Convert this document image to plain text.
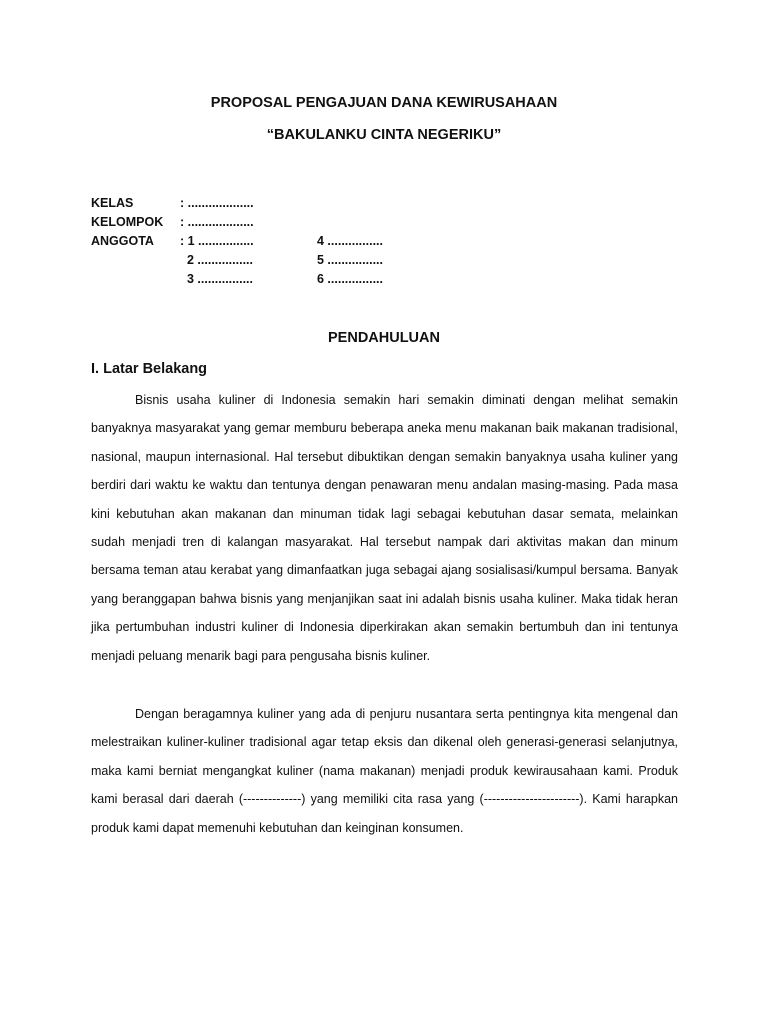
PROPOSAL PENGAJUAN DANA KEWIRUSAHAAN
“BAKULANKU CINTA NEGERIKU”
KELAS	: ...................
KELOMPOK : ...................
ANGGOTA : 1 ................
2 ................
3 ................
4 ................
5 ................
6 ................
PENDAHULUAN
I. Latar Belakang

Bisnis usaha kuliner di Indonesia semakin hari semakin diminati dengan melihat semakin banyaknya masyarakat yang gemar memburu beberapa aneka menu makanan baik makanan tradisional, nasional, maupun internasional. Hal tersebut dibuktikan dengan semakin banyaknya usaha kuliner yang berdiri dari waktu ke waktu dan tentunya dengan penawaran menu andalan masing-masing. Pada masa kini kebutuhan akan makanan dan minuman tidak lagi sebagai kebutuhan dasar semata, melainkan sudah menjadi tren di kalangan masyarakat. Hal tersebut nampak dari aktivitas makan dan minum bersama teman atau kerabat yang dimanfaatkan juga sebagai ajang sosialisasi/kumpul bersama. Banyak yang beranggapan bahwa bisnis yang menjanjikan saat ini adalah bisnis usaha kuliner. Maka tidak heran jika pertumbuhan industri kuliner di Indonesia diperkirakan akan semakin bertumbuh dan ini tentunya menjadi peluang menarik bagi para pengusaha bisnis kuliner.

Dengan beragamnya kuliner yang ada di penjuru nusantara serta pentingnya kita mengenal dan melestraikan kuliner-kuliner tradisional agar tetap eksis dan dikenal oleh generasi-generasi selanjutnya, maka kami berniat mengangkat kuliner (nama makanan) menjadi produk kewirausahaan kami. Produk kami berasal dari daerah (--------------) yang memiliki cita rasa yang (-----------------------). Kami harapkan produk kami dapat memenuhi kebutuhan dan keinginan konsumen.
